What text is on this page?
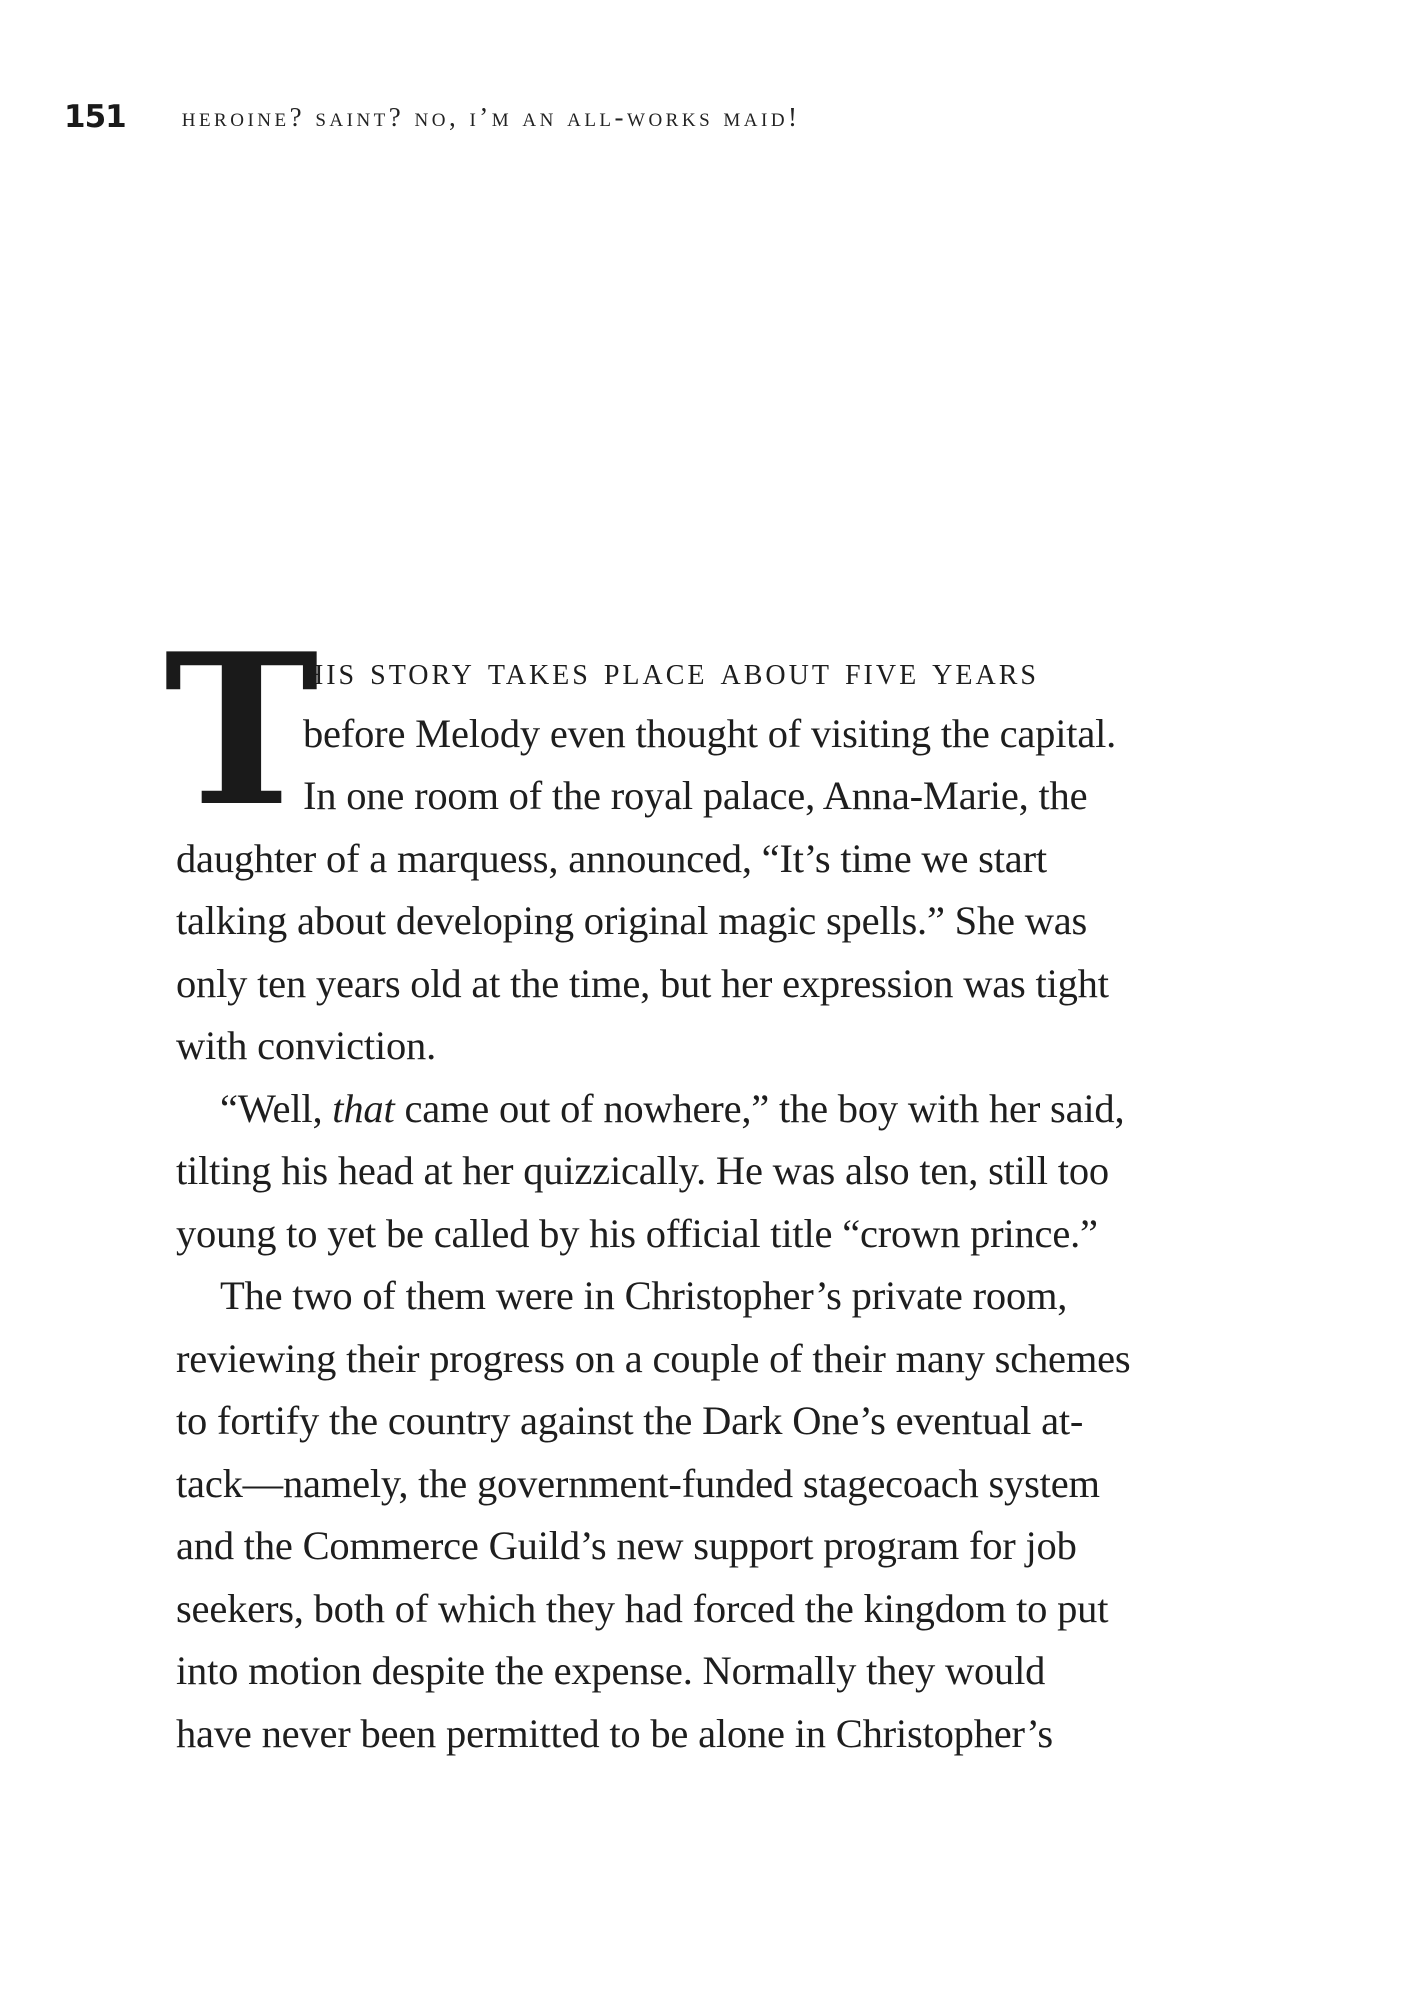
151 heroine? saint? no, i’m an all-works maid!
T
his story takes place about five years
before Melody even thought of visiting the capital.
In one room of the royal palace, Anna-Marie, the
daughter of a marquess, announced, “It’s time we start
talking about developing original magic spells.” She was
only ten years old at the time, but her expression was tight
with conviction.
“Well, that came out of nowhere,” the boy with her said,
tilting his head at her quizzically. He was also ten, still too
young to yet be called by his official title “crown prince.”
The two of them were in Christopher’s private room,
reviewing their progress on a couple of their many schemes
to fortify the country against the Dark One’s eventual at-
tack—namely, the government-funded stagecoach system
and the Commerce Guild’s new support program for job
seekers, both of which they had forced the kingdom to put
into motion despite the expense. Normally they would
have never been permitted to be alone in Christopher’s
